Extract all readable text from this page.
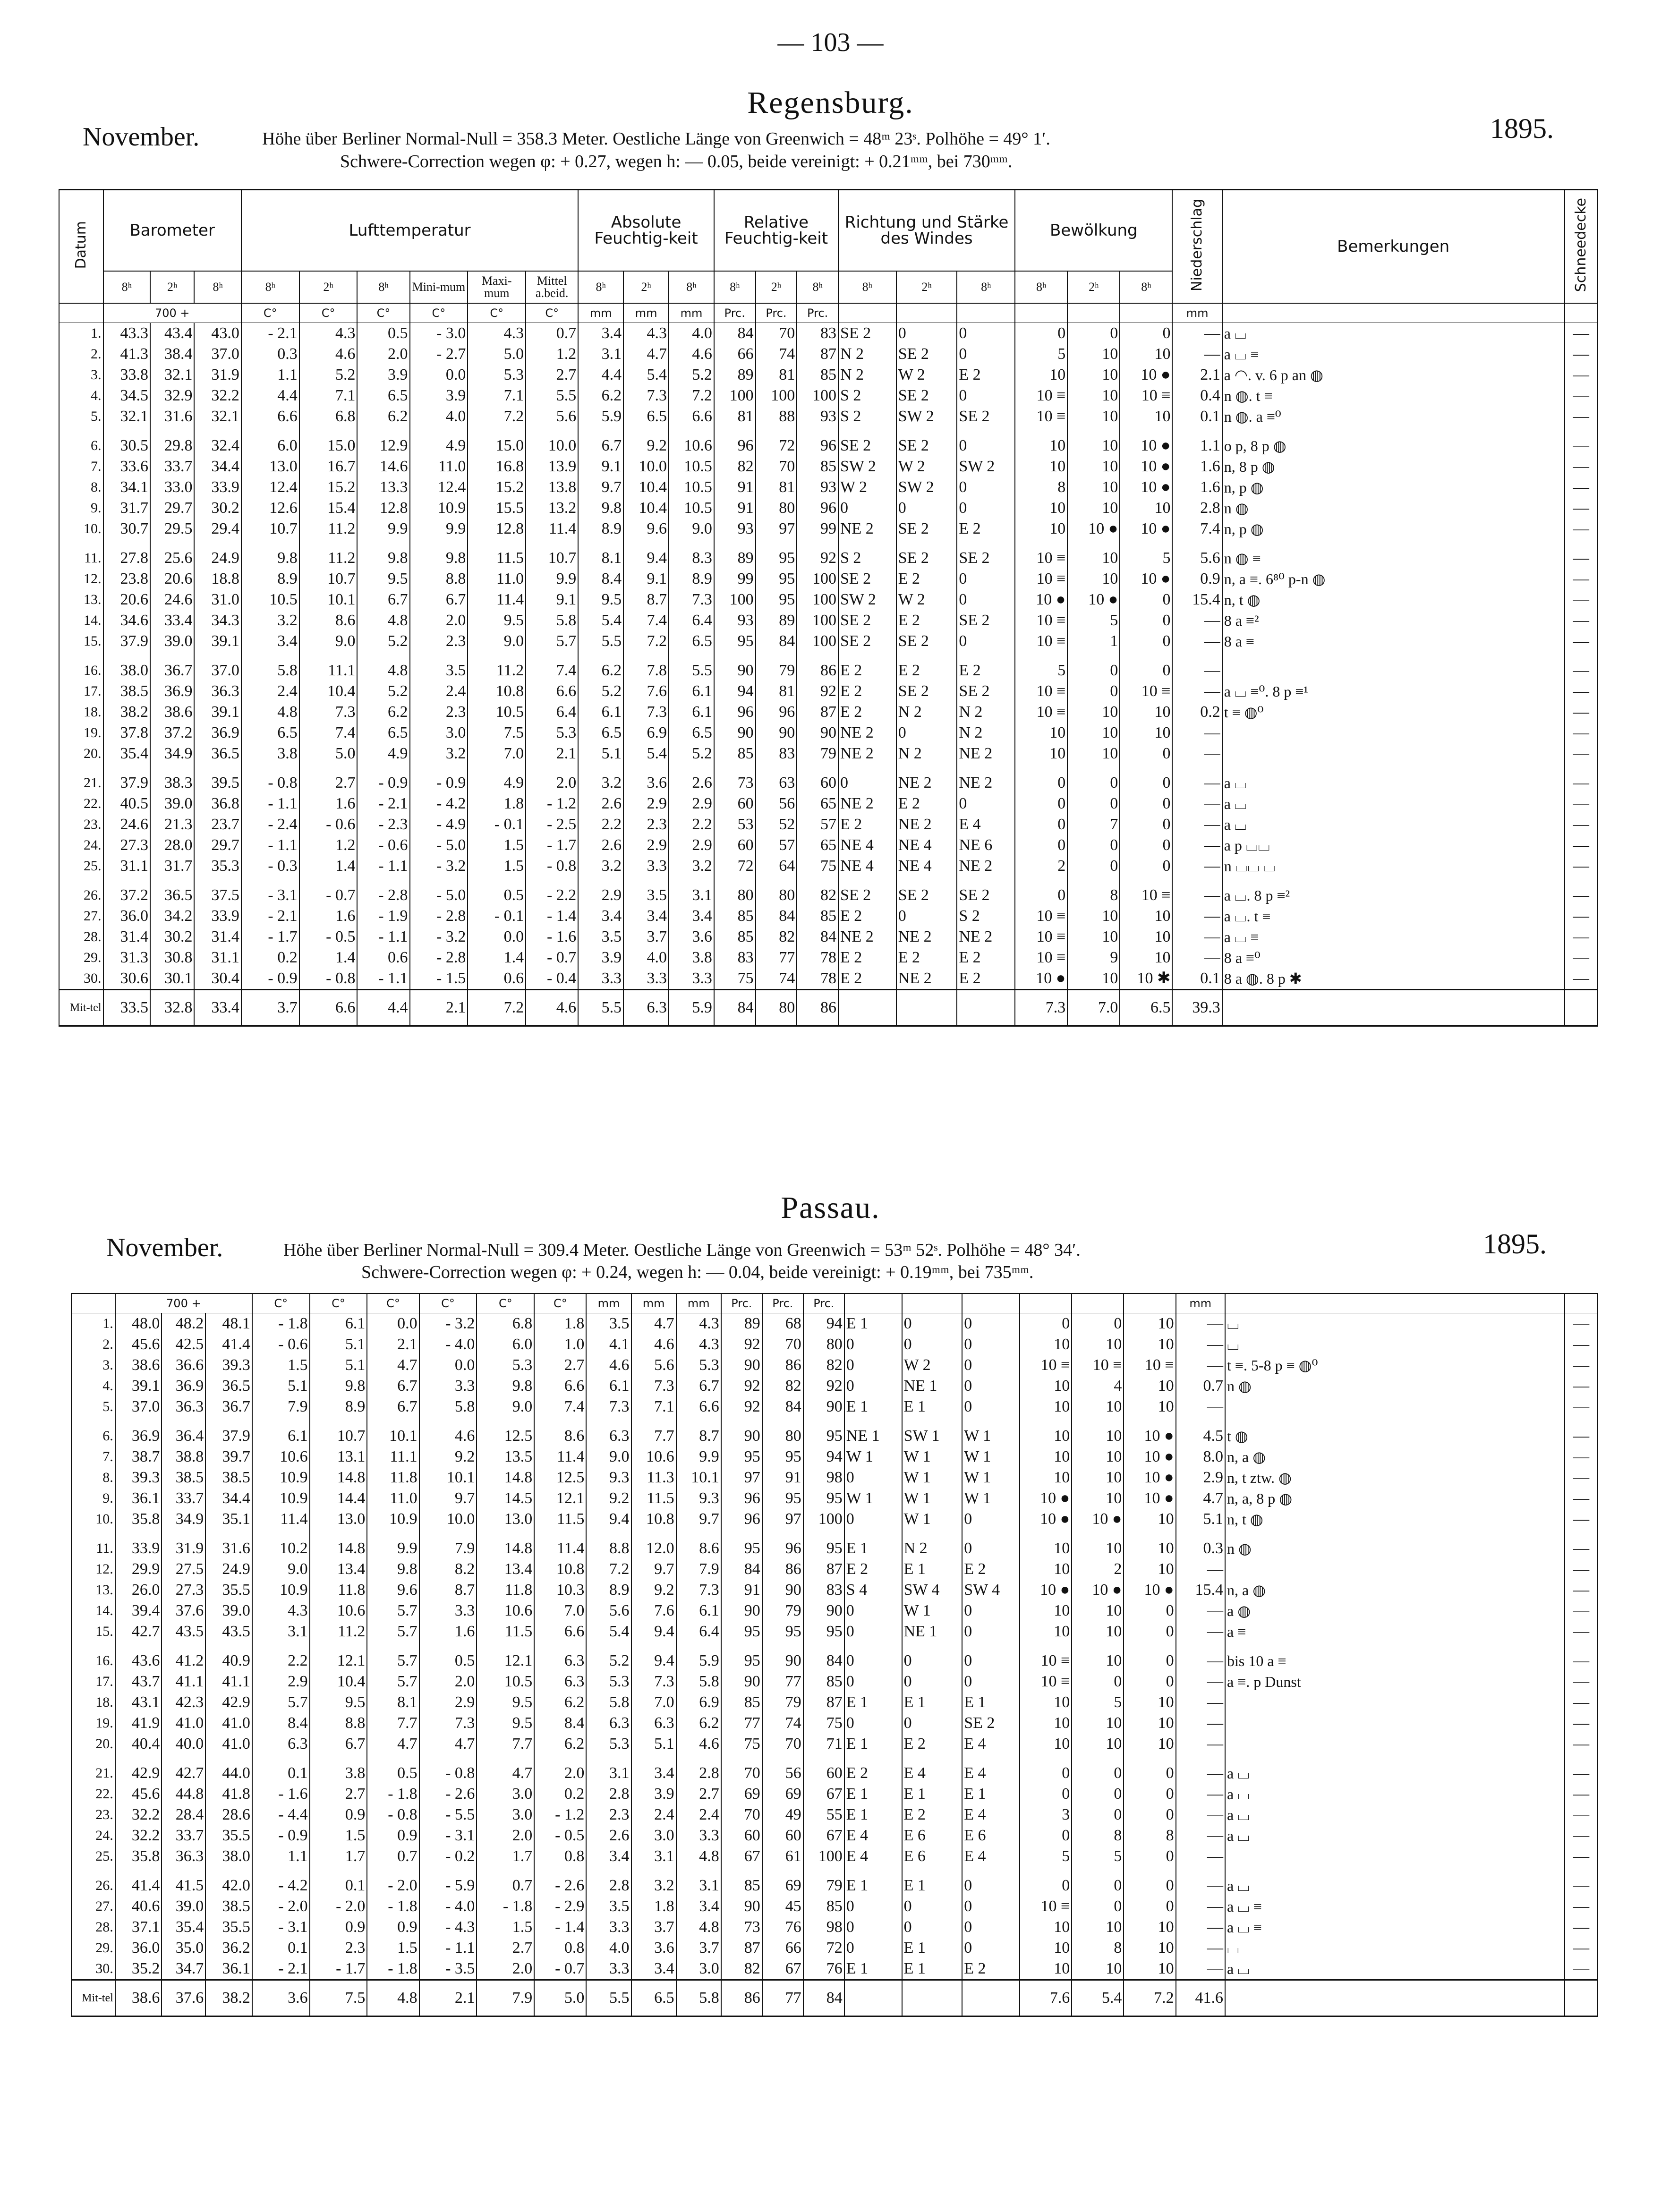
— 103 —
Regensburg.
November.	1895.
Höhe über Berliner Normal-Null = 358.3 Meter. Oestliche Länge von Greenwich = 48ᵐ 23ˢ. Polhöhe = 49° 1′.
Schwere-Correction wegen φ: + 0.27, wegen h: — 0.05, beide vereinigt: + 0.21ᵐᵐ, bei 730ᵐᵐ.
Datum	Barometer			Lufttemperatur						Absolute Feuchtig-keit			Relative Feuchtig-keit			Richtung und Stärke des Windes			Bewölkung			Niederschlag	Bemerkungen	Schneedecke
	8ʰ	2ʰ	8ʰ	8ʰ	2ʰ	8ʰ	Mini-mum	Maxi-mum	Mittel a.beid.	8ʰ	2ʰ	8ʰ	8ʰ	2ʰ	8ʰ	8ʰ	2ʰ	8ʰ	8ʰ	2ʰ	8ʰ			
	700 +			C°	C°	C°	C°	C°	C°	mm	mm	mm	Prc.	Prc.	Prc.							mm		
1.	43.3	43.4	43.0	- 2.1	4.3	0.5	- 3.0	4.3	0.7	3.4	4.3	4.0	84	70	83	SE 2	0	0	0	0	0	—	a ⌴	—
2.	41.3	38.4	37.0	0.3	4.6	2.0	- 2.7	5.0	1.2	3.1	4.7	4.6	66	74	87	N 2	SE 2	0	5	10	10	—	a ⌴ ≡	—
3.	33.8	32.1	31.9	1.1	5.2	3.9	0.0	5.3	2.7	4.4	5.4	5.2	89	81	85	N 2	W 2	E 2	10	10	10 ●	2.1	a ◠. v. 6 p an ◍	—
4.	34.5	32.9	32.2	4.4	7.1	6.5	3.9	7.1	5.5	6.2	7.3	7.2	100	100	100	S 2	SE 2	0	10 ≡	10	10 ≡	0.4	n ◍. t ≡	—
5.	32.1	31.6	32.1	6.6	6.8	6.2	4.0	7.2	5.6	5.9	6.5	6.6	81	88	93	S 2	SW 2	SE 2	10 ≡	10	10	0.1	n ◍. a ≡⁰	—

6.	30.5	29.8	32.4	6.0	15.0	12.9	4.9	15.0	10.0	6.7	9.2	10.6	96	72	96	SE 2	SE 2	0	10	10	10 ●	1.1	o p, 8 p ◍	—
7.	33.6	33.7	34.4	13.0	16.7	14.6	11.0	16.8	13.9	9.1	10.0	10.5	82	70	85	SW 2	W 2	SW 2	10	10	10 ●	1.6	n, 8 p ◍	—
8.	34.1	33.0	33.9	12.4	15.2	13.3	12.4	15.2	13.8	9.7	10.4	10.5	91	81	93	W 2	SW 2	0	8	10	10 ●	1.6	n, p ◍	—
9.	31.7	29.7	30.2	12.6	15.4	12.8	10.9	15.5	13.2	9.8	10.4	10.5	91	80	96	0	0	0	10	10	10	2.8	n ◍	—
10.	30.7	29.5	29.4	10.7	11.2	9.9	9.9	12.8	11.4	8.9	9.6	9.0	93	97	99	NE 2	SE 2	E 2	10	10 ●	10 ●	7.4	n, p ◍	—

11.	27.8	25.6	24.9	9.8	11.2	9.8	9.8	11.5	10.7	8.1	9.4	8.3	89	95	92	S 2	SE 2	SE 2	10 ≡	10	5	5.6	n ◍ ≡	—
12.	23.8	20.6	18.8	8.9	10.7	9.5	8.8	11.0	9.9	8.4	9.1	8.9	99	95	100	SE 2	E 2	0	10 ≡	10	10 ●	0.9	n, a ≡. 6⁸⁰ p-n ◍	—
13.	20.6	24.6	31.0	10.5	10.1	6.7	6.7	11.4	9.1	9.5	8.7	7.3	100	95	100	SW 2	W 2	0	10 ●	10 ●	0	15.4	n, t ◍	—
14.	34.6	33.4	34.3	3.2	8.6	4.8	2.0	9.5	5.8	5.4	7.4	6.4	93	89	100	SE 2	E 2	SE 2	10 ≡	5	0	—	8 a ≡²	—
15.	37.9	39.0	39.1	3.4	9.0	5.2	2.3	9.0	5.7	5.5	7.2	6.5	95	84	100	SE 2	SE 2	0	10 ≡	1	0	—	8 a ≡	—

16.	38.0	36.7	37.0	5.8	11.1	4.8	3.5	11.2	7.4	6.2	7.8	5.5	90	79	86	E 2	E 2	E 2	5	0	0	—		—
17.	38.5	36.9	36.3	2.4	10.4	5.2	2.4	10.8	6.6	5.2	7.6	6.1	94	81	92	E 2	SE 2	SE 2	10 ≡	0	10 ≡	—	a ⌴ ≡⁰. 8 p ≡¹	—
18.	38.2	38.6	39.1	4.8	7.3	6.2	2.3	10.5	6.4	6.1	7.3	6.1	96	96	87	E 2	N 2	N 2	10 ≡	10	10	0.2	t ≡ ◍⁰	—
19.	37.8	37.2	36.9	6.5	7.4	6.5	3.0	7.5	5.3	6.5	6.9	6.5	90	90	90	NE 2	0	N 2	10	10	10	—		—
20.	35.4	34.9	36.5	3.8	5.0	4.9	3.2	7.0	2.1	5.1	5.4	5.2	85	83	79	NE 2	N 2	NE 2	10	10	0	—		—

21.	37.9	38.3	39.5	- 0.8	2.7	- 0.9	- 0.9	4.9	2.0	3.2	3.6	2.6	73	63	60	0	NE 2	NE 2	0	0	0	—	a ⌴	—
22.	40.5	39.0	36.8	- 1.1	1.6	- 2.1	- 4.2	1.8	- 1.2	2.6	2.9	2.9	60	56	65	NE 2	E 2	0	0	0	0	—	a ⌴	—
23.	24.6	21.3	23.7	- 2.4	- 0.6	- 2.3	- 4.9	- 0.1	- 2.5	2.2	2.3	2.2	53	52	57	E 2	NE 2	E 4	0	7	0	—	a ⌴	—
24.	27.3	28.0	29.7	- 1.1	1.2	- 0.6	- 5.0	1.5	- 1.7	2.6	2.9	2.9	60	57	65	NE 4	NE 4	NE 6	0	0	0	—	a p ⌴⌴	—
25.	31.1	31.7	35.3	- 0.3	1.4	- 1.1	- 3.2	1.5	- 0.8	3.2	3.3	3.2	72	64	75	NE 4	NE 4	NE 2	2	0	0	—	n ⌴⌴ ⌴	—

26.	37.2	36.5	37.5	- 3.1	- 0.7	- 2.8	- 5.0	0.5	- 2.2	2.9	3.5	3.1	80	80	82	SE 2	SE 2	SE 2	0	8	10 ≡	—	a ⌴. 8 p ≡²	—
27.	36.0	34.2	33.9	- 2.1	1.6	- 1.9	- 2.8	- 0.1	- 1.4	3.4	3.4	3.4	85	84	85	E 2	0	S 2	10 ≡	10	10	—	a ⌴. t ≡	—
28.	31.4	30.2	31.4	- 1.7	- 0.5	- 1.1	- 3.2	0.0	- 1.6	3.5	3.7	3.6	85	82	84	NE 2	NE 2	NE 2	10 ≡	10	10	—	a ⌴ ≡	—
29.	31.3	30.8	31.1	0.2	1.4	0.6	- 2.8	1.4	- 0.7	3.9	4.0	3.8	83	77	78	E 2	E 2	E 2	10 ≡	9	10	—	8 a ≡⁰	—
30.	30.6	30.1	30.4	- 0.9	- 0.8	- 1.1	- 1.5	0.6	- 0.4	3.3	3.3	3.3	75	74	78	E 2	NE 2	E 2	10 ●	10	10 ✱	0.1	8 a ◍. 8 p ✱	—
Mit-tel	33.5	32.8	33.4	3.7	6.6	4.4	2.1	7.2	4.6	5.5	6.3	5.9	84	80	86				7.3	7.0	6.5	39.3		
Passau.
November.	1895.
Höhe über Berliner Normal-Null = 309.4 Meter. Oestliche Länge von Greenwich = 53ᵐ 52ˢ. Polhöhe = 48° 34′.
Schwere-Correction wegen φ: + 0.24, wegen h: — 0.04, beide vereinigt: + 0.19ᵐᵐ, bei 735ᵐᵐ.
	700 +			C°	C°	C°	C°	C°	C°	mm	mm	mm	Prc.	Prc.	Prc.							mm		
1.	48.0	48.2	48.1	- 1.8	6.1	0.0	- 3.2	6.8	1.8	3.5	4.7	4.3	89	68	94	E 1	0	0	0	0	10	—	⌴	—
2.	45.6	42.5	41.4	- 0.6	5.1	2.1	- 4.0	6.0	1.0	4.1	4.6	4.3	92	70	80	0	0	0	10	10	10	—	⌴	—
3.	38.6	36.6	39.3	1.5	5.1	4.7	0.0	5.3	2.7	4.6	5.6	5.3	90	86	82	0	W 2	0	10 ≡	10 ≡	10 ≡	—	t ≡. 5-8 p ≡ ◍⁰	—
4.	39.1	36.9	36.5	5.1	9.8	6.7	3.3	9.8	6.6	6.1	7.3	6.7	92	82	92	0	NE 1	0	10	4	10	0.7	n ◍	—
5.	37.0	36.3	36.7	7.9	8.9	6.7	5.8	9.0	7.4	7.3	7.1	6.6	92	84	90	E 1	E 1	0	10	10	10	—		—

6.	36.9	36.4	37.9	6.1	10.7	10.1	4.6	12.5	8.6	6.3	7.7	8.7	90	80	95	NE 1	SW 1	W 1	10	10	10 ●	4.5	t ◍	—
7.	38.7	38.8	39.7	10.6	13.1	11.1	9.2	13.5	11.4	9.0	10.6	9.9	95	95	94	W 1	W 1	W 1	10	10	10 ●	8.0	n, a ◍	—
8.	39.3	38.5	38.5	10.9	14.8	11.8	10.1	14.8	12.5	9.3	11.3	10.1	97	91	98	0	W 1	W 1	10	10	10 ●	2.9	n, t ztw. ◍	—
9.	36.1	33.7	34.4	10.9	14.4	11.0	9.7	14.5	12.1	9.2	11.5	9.3	96	95	95	W 1	W 1	W 1	10 ●	10	10 ●	4.7	n, a, 8 p ◍	—
10.	35.8	34.9	35.1	11.4	13.0	10.9	10.0	13.0	11.5	9.4	10.8	9.7	96	97	100	0	W 1	0	10 ●	10 ●	10	5.1	n, t ◍	—

11.	33.9	31.9	31.6	10.2	14.8	9.9	7.9	14.8	11.4	8.8	12.0	8.6	95	96	95	E 1	N 2	0	10	10	10	0.3	n ◍	—
12.	29.9	27.5	24.9	9.0	13.4	9.8	8.2	13.4	10.8	7.2	9.7	7.9	84	86	87	E 2	E 1	E 2	10	2	10	—		—
13.	26.0	27.3	35.5	10.9	11.8	9.6	8.7	11.8	10.3	8.9	9.2	7.3	91	90	83	S 4	SW 4	SW 4	10 ●	10 ●	10 ●	15.4	n, a ◍	—
14.	39.4	37.6	39.0	4.3	10.6	5.7	3.3	10.6	7.0	5.6	7.6	6.1	90	79	90	0	W 1	0	10	10	0	—	a ◍	—
15.	42.7	43.5	43.5	3.1	11.2	5.7	1.6	11.5	6.6	5.4	9.4	6.4	95	95	95	0	NE 1	0	10	10	0	—	a ≡	—

16.	43.6	41.2	40.9	2.2	12.1	5.7	0.5	12.1	6.3	5.2	9.4	5.9	95	90	84	0	0	0	10 ≡	10	0	—	bis 10 a ≡	—
17.	43.7	41.1	41.1	2.9	10.4	5.7	2.0	10.5	6.3	5.3	7.3	5.8	90	77	85	0	0	0	10 ≡	0	0	—	a ≡. p Dunst	—
18.	43.1	42.3	42.9	5.7	9.5	8.1	2.9	9.5	6.2	5.8	7.0	6.9	85	79	87	E 1	E 1	E 1	10	5	10	—		—
19.	41.9	41.0	41.0	8.4	8.8	7.7	7.3	9.5	8.4	6.3	6.3	6.2	77	74	75	0	0	SE 2	10	10	10	—		—
20.	40.4	40.0	41.0	6.3	6.7	4.7	4.7	7.7	6.2	5.3	5.1	4.6	75	70	71	E 1	E 2	E 4	10	10	10	—		—

21.	42.9	42.7	44.0	0.1	3.8	0.5	- 0.8	4.7	2.0	3.1	3.4	2.8	70	56	60	E 2	E 4	E 4	0	0	0	—	a ⌴	—
22.	45.6	44.8	41.8	- 1.6	2.7	- 1.8	- 2.6	3.0	0.2	2.8	3.9	2.7	69	69	67	E 1	E 1	E 1	0	0	0	—	a ⌴	—
23.	32.2	28.4	28.6	- 4.4	0.9	- 0.8	- 5.5	3.0	- 1.2	2.3	2.4	2.4	70	49	55	E 1	E 2	E 4	3	0	0	—	a ⌴	—
24.	32.2	33.7	35.5	- 0.9	1.5	0.9	- 3.1	2.0	- 0.5	2.6	3.0	3.3	60	60	67	E 4	E 6	E 6	0	8	8	—	a ⌴	—
25.	35.8	36.3	38.0	1.1	1.7	0.7	- 0.2	1.7	0.8	3.4	3.1	4.8	67	61	100	E 4	E 6	E 4	5	5	0	—		—

26.	41.4	41.5	42.0	- 4.2	0.1	- 2.0	- 5.9	0.7	- 2.6	2.8	3.2	3.1	85	69	79	E 1	E 1	0	0	0	0	—	a ⌴	—
27.	40.6	39.0	38.5	- 2.0	- 2.0	- 1.8	- 4.0	- 1.8	- 2.9	3.5	1.8	3.4	90	45	85	0	0	0	10 ≡	0	0	—	a ⌴ ≡	—
28.	37.1	35.4	35.5	- 3.1	0.9	0.9	- 4.3	1.5	- 1.4	3.3	3.7	4.8	73	76	98	0	0	0	10	10	10	—	a ⌴ ≡	—
29.	36.0	35.0	36.2	0.1	2.3	1.5	- 1.1	2.7	0.8	4.0	3.6	3.7	87	66	72	0	E 1	0	10	8	10	—	⌴	—
30.	35.2	34.7	36.1	- 2.1	- 1.7	- 1.8	- 3.5	2.0	- 0.7	3.3	3.4	3.0	82	67	76	E 1	E 1	E 2	10	10	10	—	a ⌴	—
Mit-tel	38.6	37.6	38.2	3.6	7.5	4.8	2.1	7.9	5.0	5.5	6.5	5.8	86	77	84				7.6	5.4	7.2	41.6		
